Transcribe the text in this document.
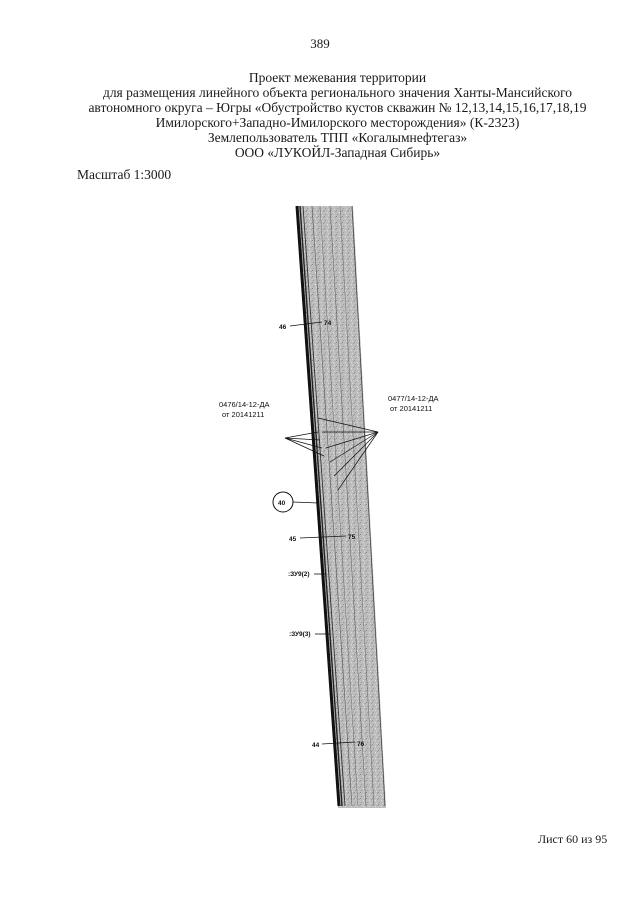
389
Проект межевания территории
для размещения линейного объекта регионального значения Ханты-Мансийского
автономного округа – Югры «Обустройство кустов скважин № 12,13,14,15,16,17,18,19
Имилорского+Западно-Имилорского месторождения» (К-2323)
Землепользователь ТПП «Когалымнефтегаз»
ООО «ЛУКОЙЛ-Западная Сибирь»
Масштаб 1:3000
46
74
0476/14-12-ДА
от 20141211
0477/14-12-ДА
от 20141211
40
45	75
:ЗУ9(2)
:ЗУ9(3)
44	76
Лист 60 из 95
